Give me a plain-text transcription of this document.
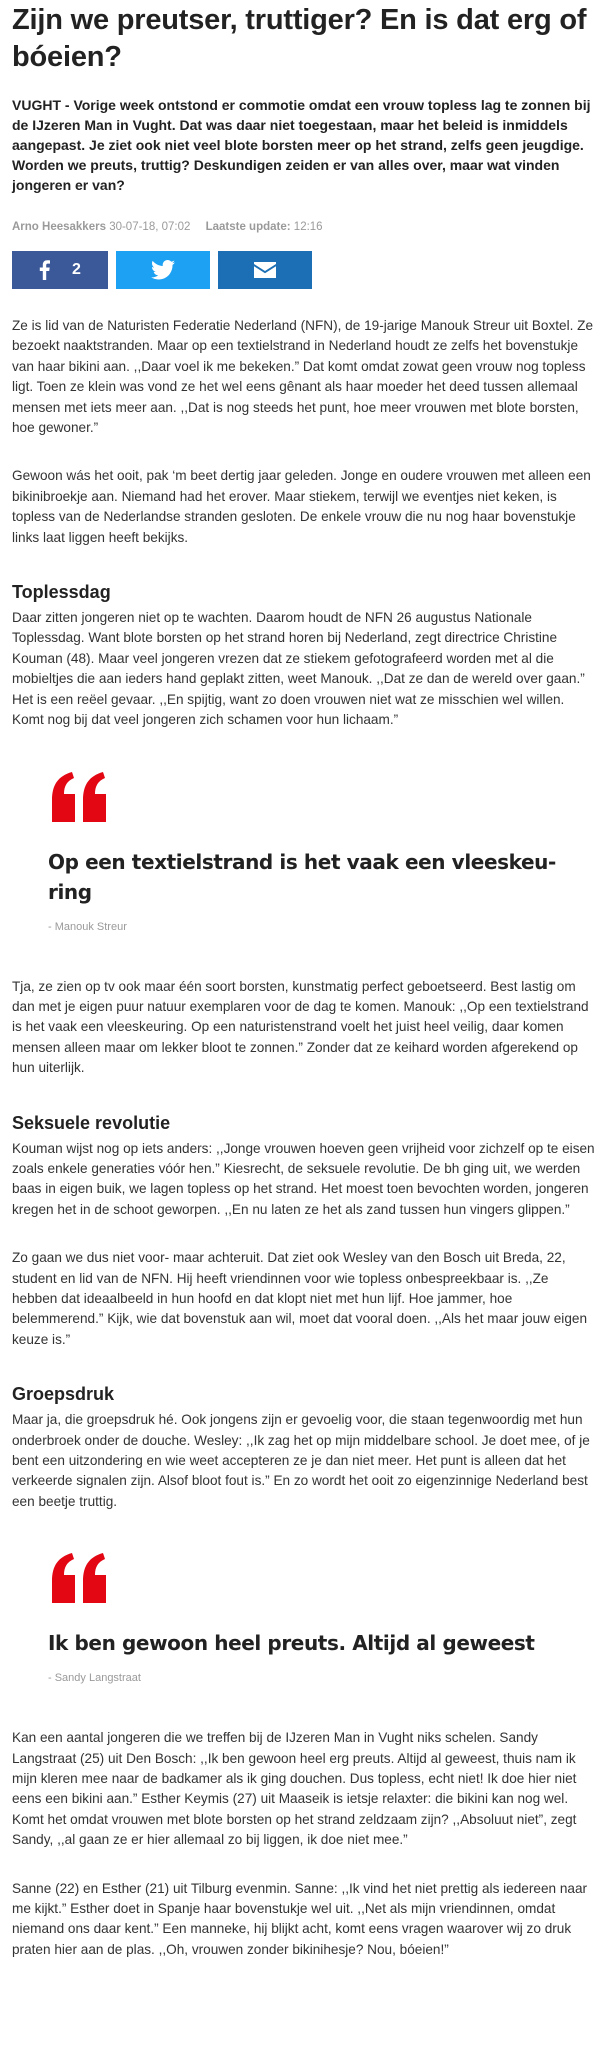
Zijn we preutser, truttiger? En is dat erg of bóeien?

VUGHT - Vorige week ontstond er commotie omdat een vrouw topless lag te zonnen bij de IJzeren Man in Vught. Dat was daar niet toegestaan, maar het beleid is inmiddels aangepast. Je ziet ook niet veel blote borsten meer op het strand, zelfs geen jeugdige. Worden we preuts, truttig? Deskundigen zeiden er van alles over, maar wat vinden jongeren er van?

Arno Heesakkers 30-07-18, 07:02 Laatste update: 12:16
2

Ze is lid van de Naturisten Federatie Nederland (NFN), de 19-jarige Manouk Streur uit Boxtel. Ze bezoekt naaktstranden. Maar op een textielstrand in Nederland houdt ze zelfs het bovenstukje van haar bikini aan. ,,Daar voel ik me bekeken.” Dat komt omdat zowat geen vrouw nog topless ligt. Toen ze klein was vond ze het wel eens gênant als haar moeder het deed tussen allemaal mensen met iets meer aan. ,,Dat is nog steeds het punt, hoe meer vrouwen met blote borsten, hoe gewoner.”

Gewoon wás het ooit, pak ‘m beet dertig jaar geleden. Jonge en oudere vrouwen met alleen een bikinibroekje aan. Niemand had het erover. Maar stiekem, terwijl we eventjes niet keken, is topless van de Nederlandse stranden gesloten. De enkele vrouw die nu nog haar bovenstukje links laat liggen heeft bekijks.

Toplessdag

Daar zitten jongeren niet op te wachten. Daarom houdt de NFN 26 augustus Nationale Toplessdag. Want blote borsten op het strand horen bij Nederland, zegt directrice Christine Kouman (48). Maar veel jongeren vrezen dat ze stiekem gefotografeerd worden met al die mobieltjes die aan ieders hand geplakt zitten, weet Manouk. ,,Dat ze dan de wereld over gaan.” Het is een reëel gevaar. ,,En spijtig, want zo doen vrouwen niet wat ze misschien wel willen. Komt nog bij dat veel jongeren zich schamen voor hun lichaam.”

Op een textielstrand is het vaak een vleeskeuring

- Manouk Streur

Tja, ze zien op tv ook maar één soort borsten, kunstmatig perfect geboetseerd. Best lastig om dan met je eigen puur natuur exemplaren voor de dag te komen. Manouk: ,,Op een textielstrand is het vaak een vleeskeuring. Op een naturistenstrand voelt het juist heel veilig, daar komen mensen alleen maar om lekker bloot te zonnen.” Zonder dat ze keihard worden afgerekend op hun uiterlijk.

Seksuele revolutie

Kouman wijst nog op iets anders: ,,Jonge vrouwen hoeven geen vrijheid voor zichzelf op te eisen zoals enkele generaties vóór hen.” Kiesrecht, de seksuele revolutie. De bh ging uit, we werden baas in eigen buik, we lagen topless op het strand. Het moest toen bevochten worden, jongeren kregen het in de schoot geworpen. ,,En nu laten ze het als zand tussen hun vingers glippen.”

Zo gaan we dus niet voor- maar achteruit. Dat ziet ook Wesley van den Bosch uit Breda, 22, student en lid van de NFN. Hij heeft vriendinnen voor wie topless onbespreekbaar is. ,,Ze hebben dat ideaalbeeld in hun hoofd en dat klopt niet met hun lijf. Hoe jammer, hoe belemmerend.” Kijk, wie dat bovenstuk aan wil, moet dat vooral doen. ,,Als het maar jouw eigen keuze is.”

Groepsdruk

Maar ja, die groepsdruk hé. Ook jongens zijn er gevoelig voor, die staan tegenwoordig met hun onderbroek onder de douche. Wesley: ,,Ik zag het op mijn middelbare school. Je doet mee, of je bent een uitzondering en wie weet accepteren ze je dan niet meer. Het punt is alleen dat het verkeerde signalen zijn. Alsof bloot fout is.” En zo wordt het ooit zo eigenzinnige Nederland best een beetje truttig.

Ik ben gewoon heel preuts. Altijd al geweest

- Sandy Langstraat

Kan een aantal jongeren die we treffen bij de IJzeren Man in Vught niks schelen. Sandy Langstraat (25) uit Den Bosch: ,,Ik ben gewoon heel erg preuts. Altijd al geweest, thuis nam ik mijn kleren mee naar de badkamer als ik ging douchen. Dus topless, echt niet! Ik doe hier niet eens een bikini aan.” Esther Keymis (27) uit Maaseik is ietsje relaxter: die bikini kan nog wel. Komt het omdat vrouwen met blote borsten op het strand zeldzaam zijn? ,,Absoluut niet”, zegt Sandy, ,,al gaan ze er hier allemaal zo bij liggen, ik doe niet mee.”

Sanne (22) en Esther (21) uit Tilburg evenmin. Sanne: ,,Ik vind het niet prettig als iedereen naar me kijkt.” Esther doet in Spanje haar bovenstukje wel uit. ,,Net als mijn vriendinnen, omdat niemand ons daar kent.” Een manneke, hij blijkt acht, komt eens vragen waarover wij zo druk praten hier aan de plas. ,,Oh, vrouwen zonder bikinihesje? Nou, bóeien!”
